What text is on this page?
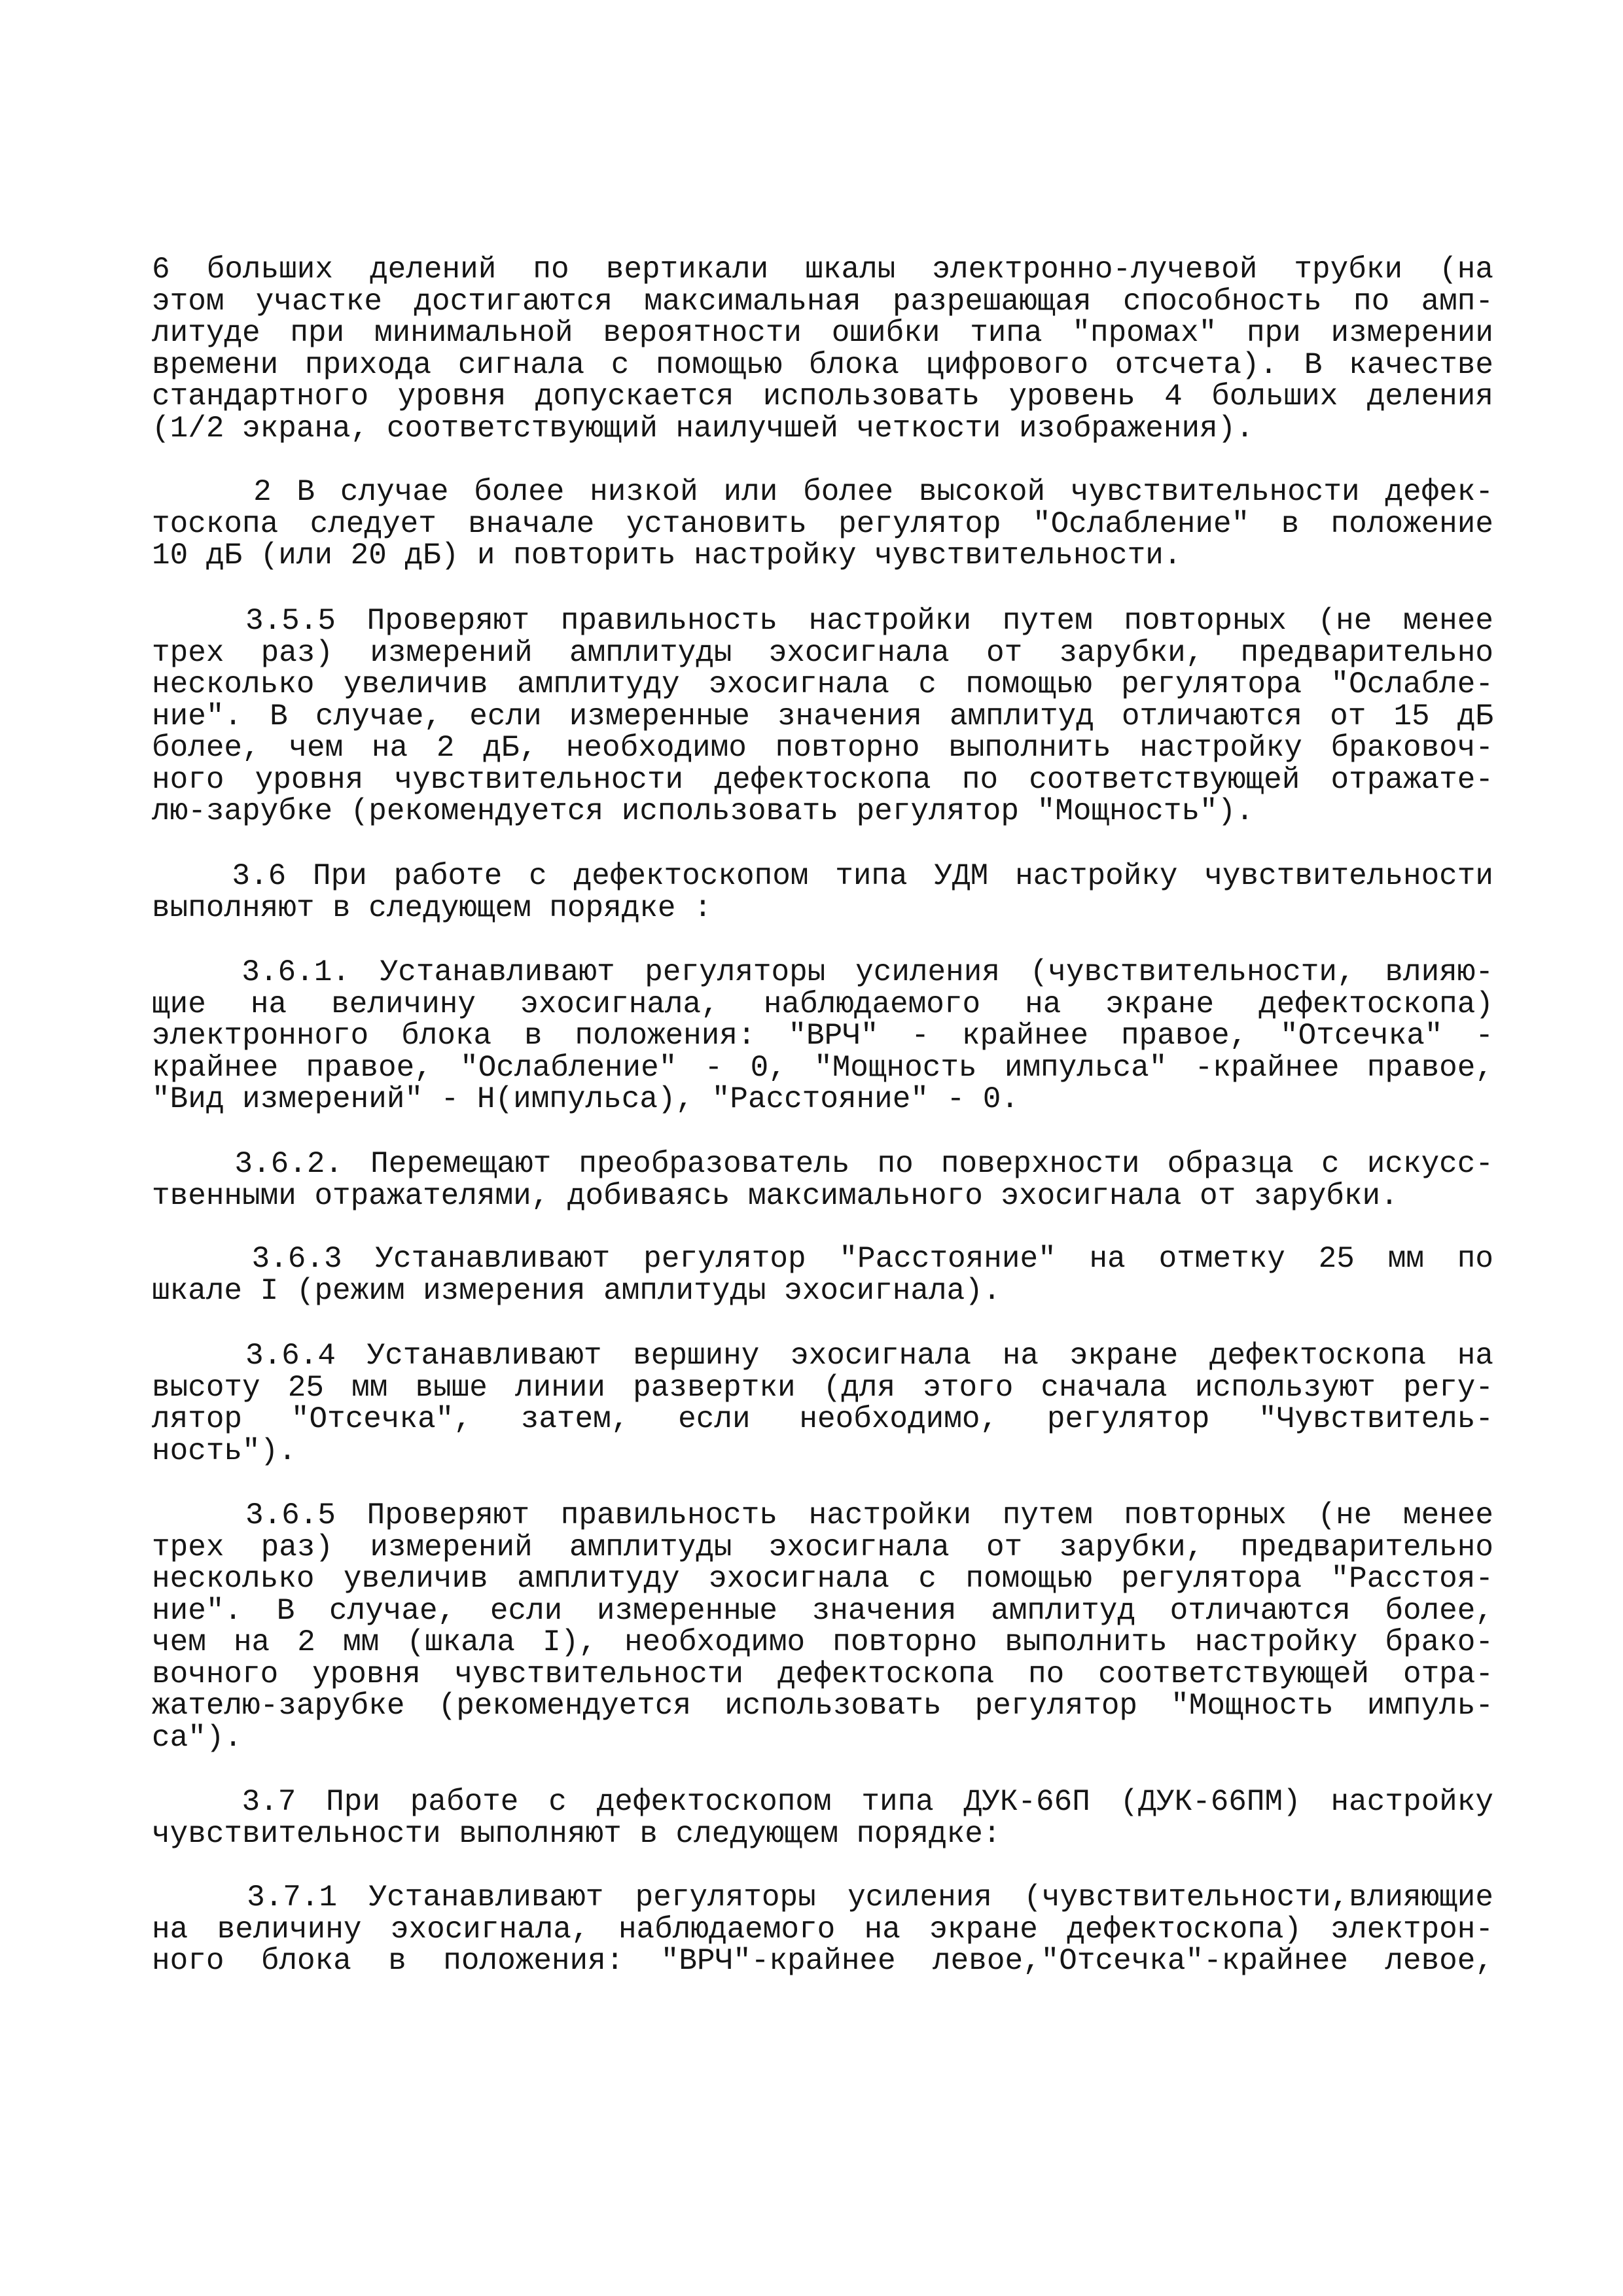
6 больших делений по вертикали шкалы электронно-лучевой трубки (на
этом участке достигаются максимальная разрешающая способность по амп-
литуде при минимальной вероятности ошибки типа "промах" при измерении
времени прихода сигнала с помощью блока цифрового отсчета). В качестве
стандартного уровня допускается использовать уровень 4 больших деления
(1/2 экрана, соответствующий наилучшей четкости изображения).

2 В случае более низкой или более высокой чувствительности дефек-
тоскопа следует вначале установить регулятор "Ослабление" в положение
10 дБ (или 20 дБ) и повторить настройку чувствительности.

3.5.5 Проверяют правильность настройки путем повторных (не менее
трех раз) измерений амплитуды эхосигнала от зарубки, предварительно
несколько увеличив амплитуду эхосигнала с помощью регулятора "Ослабле-
ние". В случае, если измеренные значения амплитуд отличаются от 15 дБ
более, чем на 2 дБ, необходимо повторно выполнить настройку браковоч-
ного уровня чувствительности дефектоскопа по соответствующей отражате-
лю-зарубке (рекомендуется использовать регулятор "Мощность").

3.6 При работе с дефектоскопом типа УДМ настройку чувствительности
выполняют в следующем порядке :

3.6.1. Устанавливают регуляторы усиления (чувствительности, влияю-
щие на величину эхосигнала, наблюдаемого на экране дефектоскопа)
электронного блока в положения: "ВРЧ" - крайнее правое, "Отсечка" -
крайнее правое, "Ослабление" - 0, "Мощность импульса" -крайнее правое,
"Вид измерений" - Н(импульса), "Расстояние" - 0.

3.6.2. Перемещают преобразователь по поверхности образца с искусс-
твенными отражателями, добиваясь максимального эхосигнала от зарубки.

3.6.3 Устанавливают регулятор "Расстояние" на отметку 25 мм по
шкале I (режим измерения амплитуды эхосигнала).

3.6.4 Устанавливают вершину эхосигнала на экране дефектоскопа на
высоту 25 мм выше линии развертки (для этого сначала используют регу-
лятор "Отсечка", затем, если необходимо, регулятор "Чувствитель-
ность").

3.6.5 Проверяют правильность настройки путем повторных (не менее
трех раз) измерений амплитуды эхосигнала от зарубки, предварительно
несколько увеличив амплитуду эхосигнала с помощью регулятора "Расстоя-
ние". В случае, если измеренные значения амплитуд отличаются более,
чем на 2 мм (шкала I), необходимо повторно выполнить настройку брако-
вочного уровня чувствительности дефектоскопа по соответствующей отра-
жателю-зарубке (рекомендуется использовать регулятор "Мощность импуль-
са").

3.7 При работе с дефектоскопом типа ДУК-66П (ДУК-66ПМ) настройку
чувствительности выполняют в следующем порядке:

3.7.1 Устанавливают регуляторы усиления (чувствительности,влияющие
на величину эхосигнала, наблюдаемого на экране дефектоскопа) электрон-
ного блока в положения: "ВРЧ"-крайнее левое,"Отсечка"-крайнее левое,
